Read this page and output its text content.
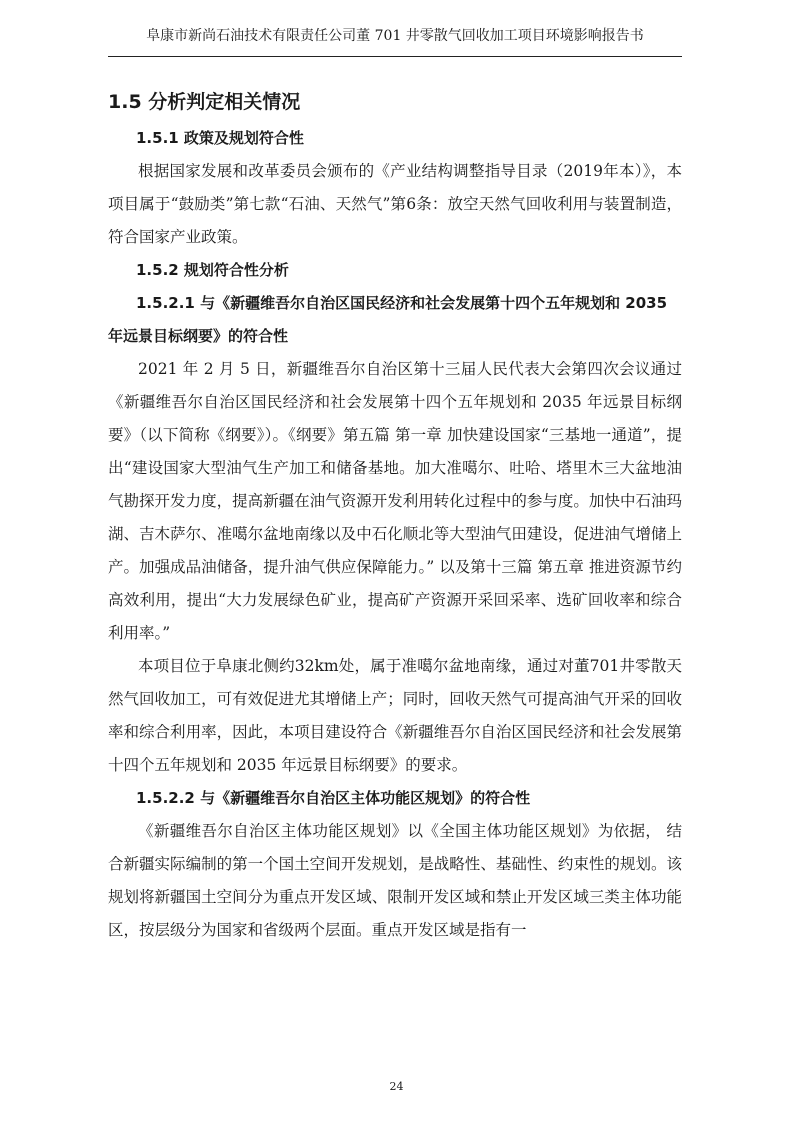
阜康市新尚石油技术有限责任公司董 701 井零散气回收加工项目环境影响报告书
1.5 分析判定相关情况
1.5.1 政策及规划符合性

根据国家发展和改革委员会颁布的《产业结构调整指导目录（2019年本）》，本项目属于“鼓励类”第七款“石油、天然气”第6条：放空天然气回收利用与装置制造，符合国家产业政策。

1.5.2 规划符合性分析
1.5.2.1 与《新疆维吾尔自治区国民经济和社会发展第十四个五年规划和 2035 年远景目标纲要》的符合性

2021 年 2 月 5 日，新疆维吾尔自治区第十三届人民代表大会第四次会议通过《新疆维吾尔自治区国民经济和社会发展第十四个五年规划和 2035 年远景目标纲要》（以下简称《纲要》）。《纲要》第五篇 第一章 加快建设国家“三基地一通道”，提出“建设国家大型油气生产加工和储备基地。加大准噶尔、吐哈、塔里木三大盆地油气勘探开发力度，提高新疆在油气资源开发利用转化过程中的参与度。加快中石油玛湖、吉木萨尔、准噶尔盆地南缘以及中石化顺北等大型油气田建设，促进油气增储上产。加强成品油储备，提升油气供应保障能力。” 以及第十三篇 第五章 推进资源节约高效利用，提出“大力发展绿色矿业，提高矿产资源开采回采率、选矿回收率和综合利用率。”

本项目位于阜康北侧约32km处，属于准噶尔盆地南缘，通过对董701井零散天然气回收加工，可有效促进尤其增储上产；同时，回收天然气可提高油气开采的回收率和综合利用率，因此，本项目建设符合《新疆维吾尔自治区国民经济和社会发展第十四个五年规划和 2035 年远景目标纲要》的要求。

1.5.2.2 与《新疆维吾尔自治区主体功能区规划》的符合性

《新疆维吾尔自治区主体功能区规划》以《全国主体功能区规划》为依据， 结合新疆实际编制的第一个国土空间开发规划，是战略性、基础性、约束性的规划。该规划将新疆国土空间分为重点开发区域、限制开发区域和禁止开发区域三类主体功能区，按层级分为国家和省级两个层面。重点开发区域是指有一

24
